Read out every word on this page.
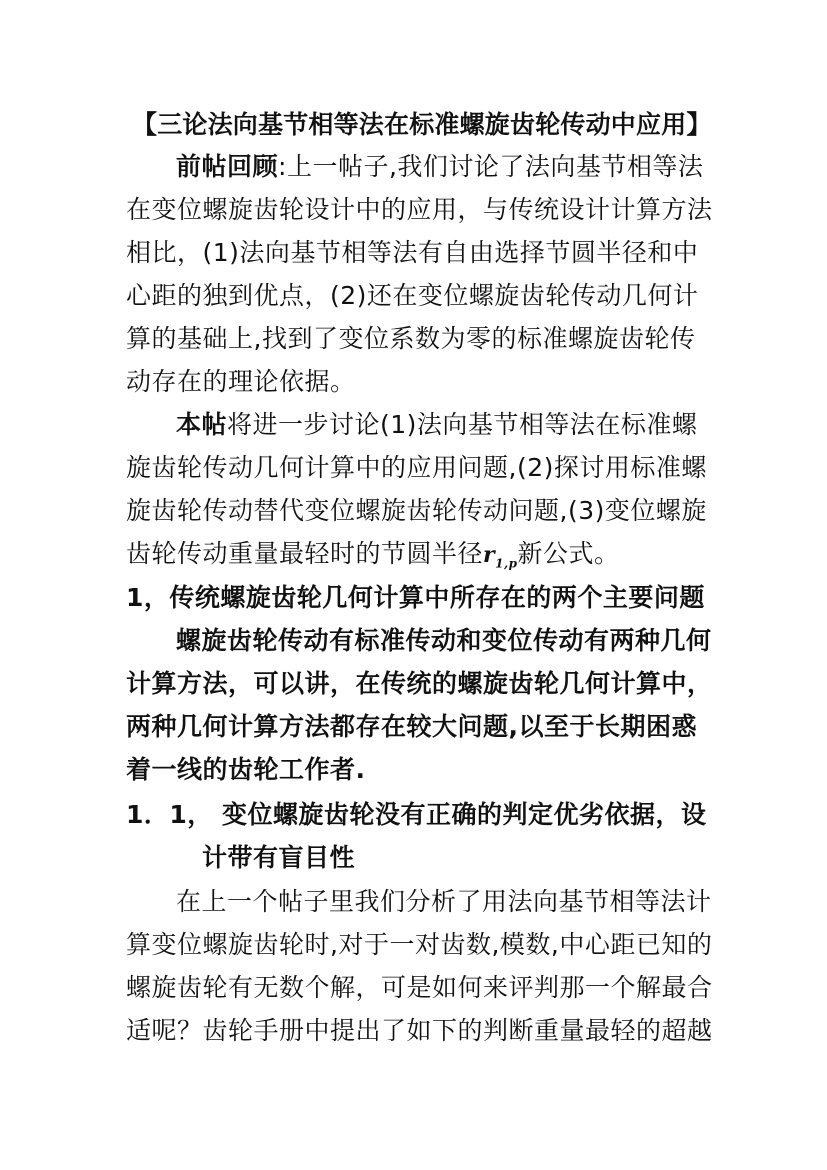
【三论法向基节相等法在标准螺旋齿轮传动中应用】
前帖回顾:上一帖子,我们讨论了法向基节相等法
在变位螺旋齿轮设计中的应用，与传统设计计算方法
相比，(1)法向基节相等法有自由选择节圆半径和中
心距的独到优点，(2)还在变位螺旋齿轮传动几何计
算的基础上,找到了变位系数为零的标准螺旋齿轮传
动存在的理论依据。
本帖将进一步讨论(1)法向基节相等法在标准螺
旋齿轮传动几何计算中的应用问题,(2)探讨用标准螺
旋齿轮传动替代变位螺旋齿轮传动问题,(3)变位螺旋
齿轮传动重量最轻时的节圆半径$r_{1,p}$新公式。
1，传统螺旋齿轮几何计算中所存在的两个主要问题
螺旋齿轮传动有标准传动和变位传动有两种几何
计算方法，可以讲，在传统的螺旋齿轮几何计算中，
两种几何计算方法都存在较大问题,以至于长期困惑
着一线的齿轮工作者.
1．1， 变位螺旋齿轮没有正确的判定优劣依据，设
计带有盲目性
在上一个帖子里我们分析了用法向基节相等法计
算变位螺旋齿轮时,对于一对齿数,模数,中心距已知的
螺旋齿轮有无数个解，可是如何来评判那一个解最合
适呢？齿轮手册中提出了如下的判断重量最轻的超越
